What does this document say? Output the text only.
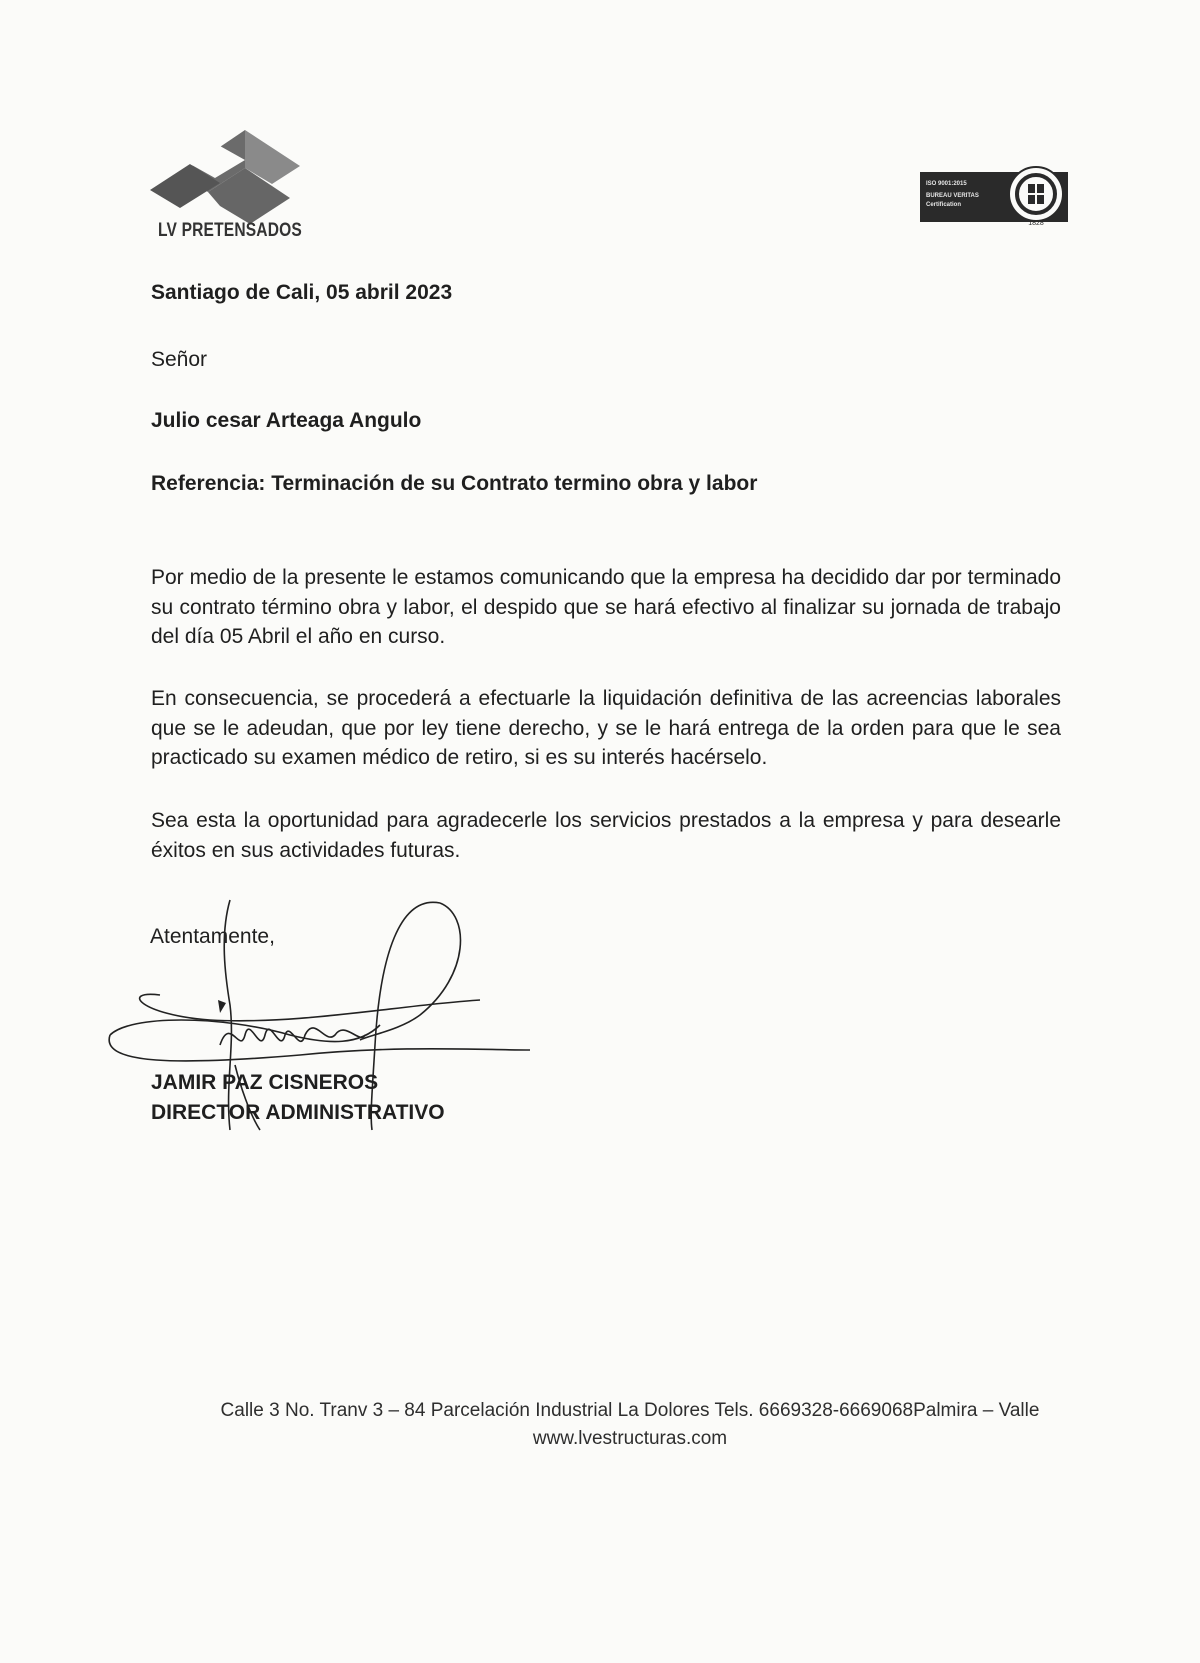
LV PRETENSADOS
ISO 9001:2015
BUREAU VERITAS
Certification
1828
Santiago de Cali, 05 abril 2023
Señor
Julio cesar Arteaga Angulo
Referencia: Terminación de su Contrato termino obra y labor
Por medio de la presente le estamos comunicando que la empresa ha decidido dar por terminado su contrato término obra y labor, el despido que se hará efectivo al finalizar su jornada de trabajo del día 05 Abril el año en curso.
En consecuencia, se procederá a efectuarle la liquidación definitiva de las acreencias laborales que se le adeudan, que por ley tiene derecho, y se le hará entrega de la orden para que le sea practicado su examen médico de retiro, si es su interés hacérselo.
Sea esta la oportunidad para agradecerle los servicios prestados a la empresa y para desearle éxitos en sus actividades futuras.
Atentamente,
JAMIR PAZ CISNEROS
DIRECTOR ADMINISTRATIVO
Calle 3 No. Tranv 3 – 84 Parcelación Industrial La Dolores Tels. 6669328-6669068Palmira – Valle
www.lvestructuras.com
